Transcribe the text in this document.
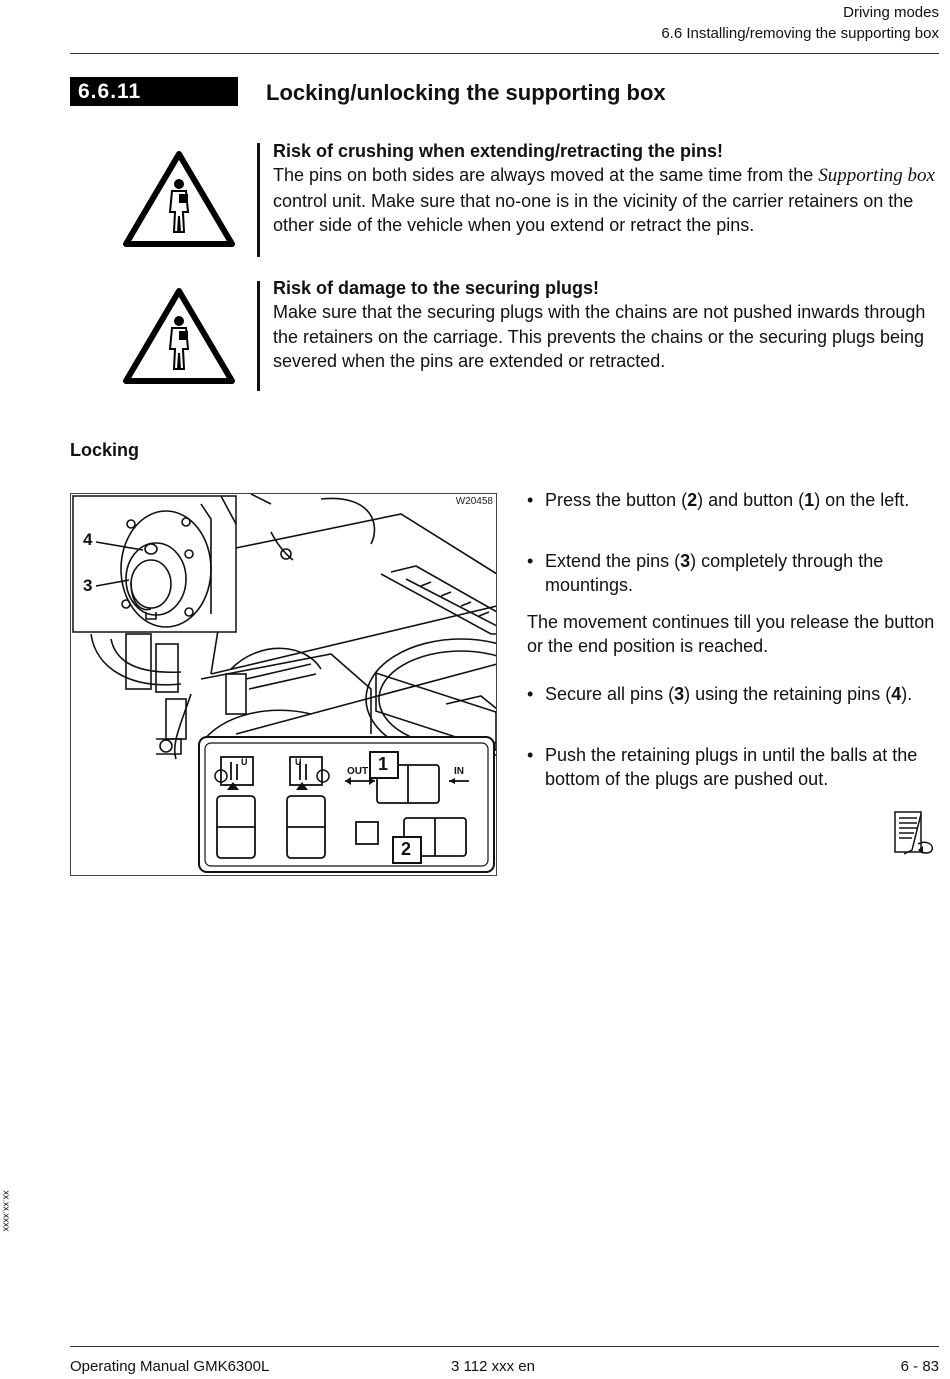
Driving modes
6.6 Installing/removing the supporting box
6.6.11	Locking/unlocking the supporting box
Risk of crushing when extending/retracting the pins!
The pins on both sides are always moved at the same time from the Supporting box control unit. Make sure that no-one is in the vicinity of the carrier retainers on the other side of the vehicle when you extend or retract the pins.
Risk of damage to the securing plugs!
Make sure that the securing plugs with the chains are not pushed inwards through the retainers on the carriage. This prevents the chains or the securing plugs being severed when the pins are extended or retracted.
Locking
W20458
4
3
1
2
OUT	IN
U	U
• Press the button (2) and button (1) on the left.
• Extend the pins (3) completely through the mountings.
The movement continues till you release the button or the end position is reached.
• Secure all pins (3) using the retaining pins (4).
• Push the retaining plugs in until the balls at the bottom of the plugs are pushed out.
xx.xx.xxxx
Operating Manual GMK6300L	3 112 xxx en	6 - 83
